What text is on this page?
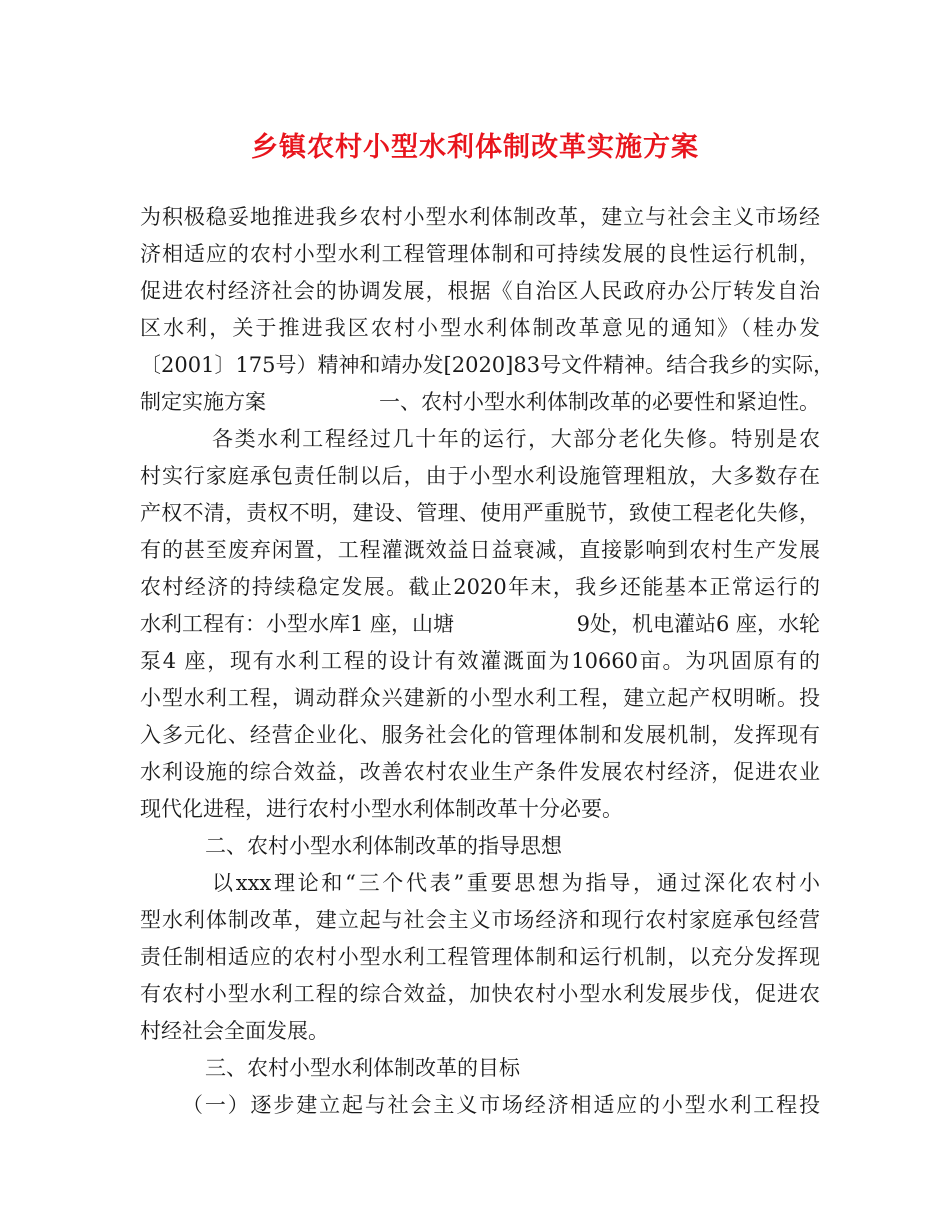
乡镇农村小型水利体制改革实施方案
为积极稳妥地推进我乡农村小型水利体制改革，建立与社会主义市场经
济相适应的农村小型水利工程管理体制和可持续发展的良性运行机制，
促进农村经济社会的协调发展，根据《自治区人民政府办公厅转发自治
区水利，关于推进我区农村小型水利体制改革意见的通知》（桂办发
〔2001〕175号）精神和靖办发[2020]83号文件精神。结合我乡的实际，
制定实施方案	一、农村小型水利体制改革的必要性和紧迫性。
各类水利工程经过几十年的运行，大部分老化失修。特别是农
村实行家庭承包责任制以后，由于小型水利设施管理粗放，大多数存在
产权不清，责权不明，建设、管理、使用严重脱节，致使工程老化失修，
有的甚至废弃闲置，工程灌溉效益日益衰减，直接影响到农村生产发展
农村经济的持续稳定发展。截止2020年末，我乡还能基本正常运行的
水利工程有：小型水库1 座，山塘	9处，机电灌站6 座，水轮
泵4 座，现有水利工程的设计有效灌溉面为10660亩。为巩固原有的
小型水利工程，调动群众兴建新的小型水利工程，建立起产权明晰。投
入多元化、经营企业化、服务社会化的管理体制和发展机制，发挥现有
水利设施的综合效益，改善农村农业生产条件发展农村经济，促进农业
现代化进程，进行农村小型水利体制改革十分必要。
二、农村小型水利体制改革的指导思想
以xxx理论和“三个代表”重要思想为指导，通过深化农村小
型水利体制改革，建立起与社会主义市场经济和现行农村家庭承包经营
责任制相适应的农村小型水利工程管理体制和运行机制，以充分发挥现
有农村小型水利工程的综合效益，加快农村小型水利发展步伐，促进农
村经社会全面发展。
三、农村小型水利体制改革的目标
（一）逐步建立起与社会主义市场经济相适应的小型水利工程投
